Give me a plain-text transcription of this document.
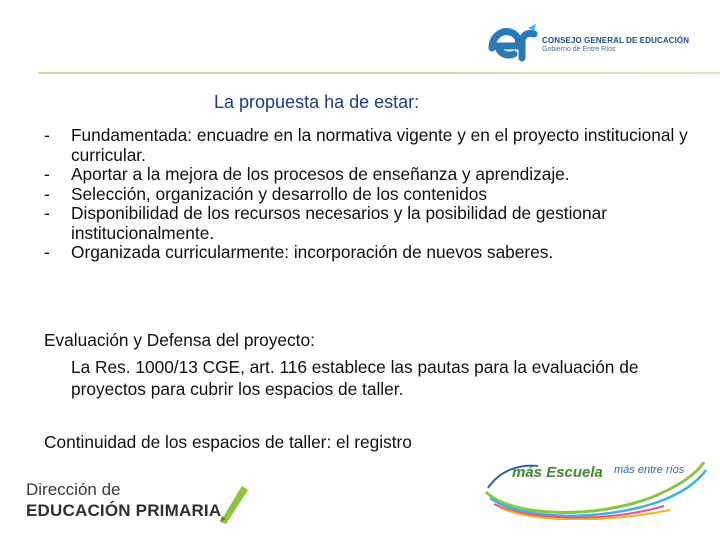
CONSEJO GENERAL DE EDUCACIÓN
Gobierno de Entre Ríos
La propuesta ha de estar:
- Fundamentada: encuadre en la normativa vigente y en el proyecto institucional y curricular.
- Aportar a la mejora de los procesos de enseñanza y aprendizaje.
- Selección, organización y desarrollo de los contenidos
- Disponibilidad de los recursos necesarios y la posibilidad de gestionar institucionalmente.
- Organizada curricularmente: incorporación de nuevos saberes.
Evaluación y Defensa del proyecto:
La Res. 1000/13 CGE, art. 116 establece las pautas para la evaluación de proyectos para cubrir los espacios de taller.
Continuidad de los espacios de taller: el registro
Dirección de
EDUCACIÓN PRIMARIA
más Escuela más entre ríos
